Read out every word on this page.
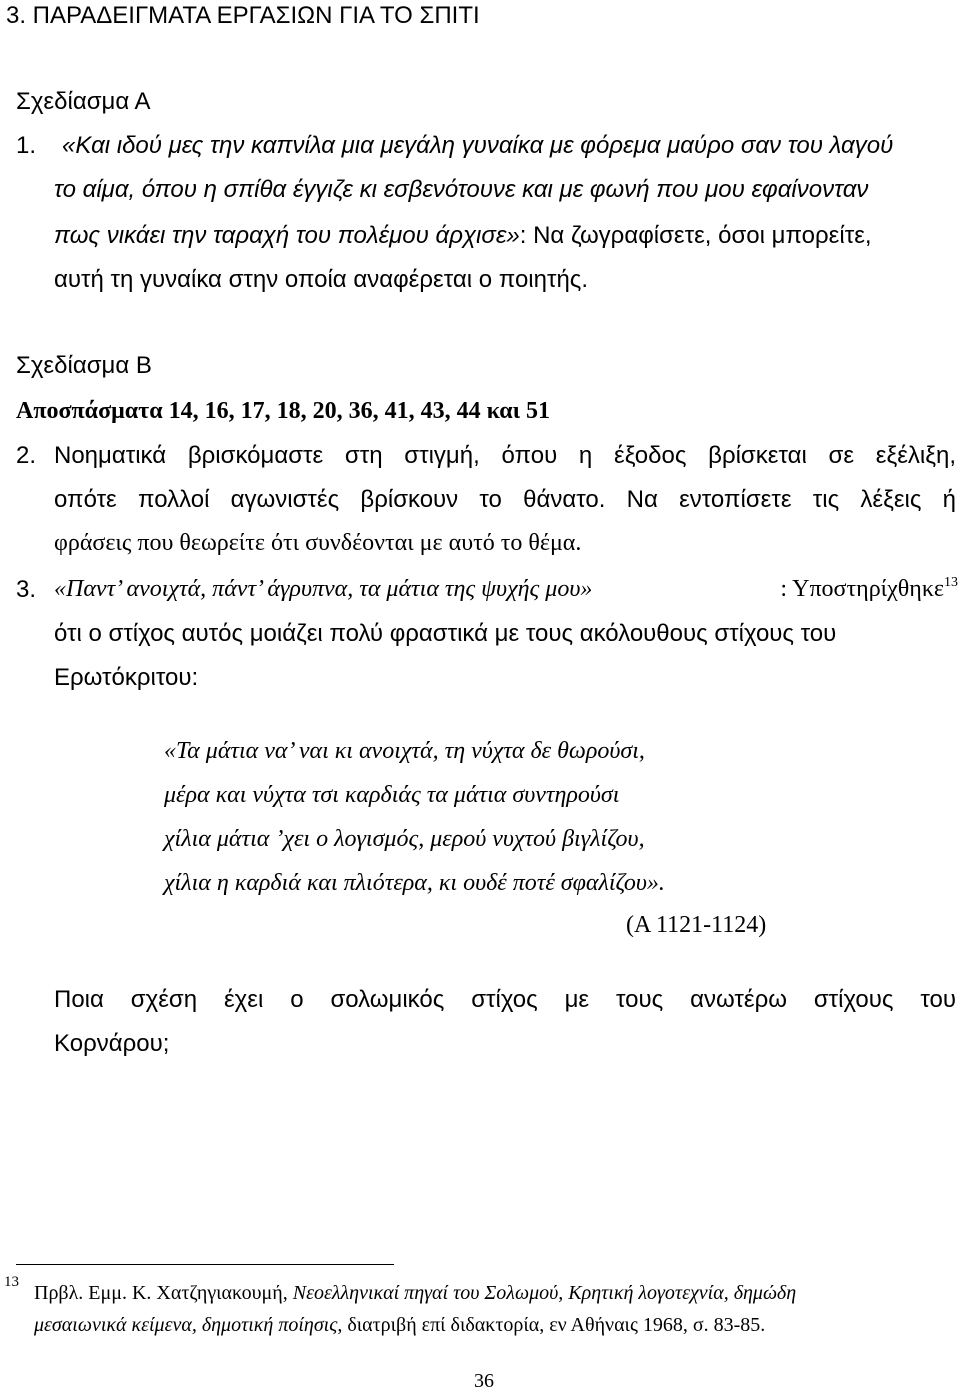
3. ΠΑΡΑΔΕΙΓΜΑΤΑ ΕΡΓΑΣΙΩΝ ΓΙΑ ΤΟ ΣΠΙΤΙ
Σχεδίασμα Α
1. «Και ιδού μες την καπνίλα μια μεγάλη γυναίκα με φόρεμα μαύρο σαν του λαγού
το αίμα, όπου η σπίθα έγγιζε κι εσβενότουνε και με φωνή που μου εφαίνονταν
πως νικάει την ταραχή του πολέμου άρχισε»: Να ζωγραφίσετε, όσοι μπορείτε,
αυτή τη γυναίκα στην οποία αναφέρεται ο ποιητής.
Σχεδίασμα Β
Αποσπάσματα 14, 16, 17, 18, 20, 36, 41, 43, 44 και 51
2. Νοηματικά βρισκόμαστε στη στιγμή, όπου η έξοδος βρίσκεται σε εξέλιξη,
οπότε πολλοί αγωνιστές βρίσκουν το θάνατο. Να εντοπίσετε τις λέξεις ή
φράσεις που θεωρείτε ότι συνδέονται με αυτό το θέμα.
3. «Παντ’ ανοιχτά, πάντ’ άγρυπνα, τα μάτια της ψυχής μου»	: Υποστηρίχθηκε$^{13}$
ότι ο στίχος αυτός μοιάζει πολύ φραστικά με τους ακόλουθους στίχους του
Ερωτόκριτου:
«Τα μάτια να’ ναι κι ανοιχτά, τη νύχτα δε θωρούσι,
μέρα και νύχτα τσι καρδιάς τα μάτια συντηρούσι
χίλια μάτια ’χει ο λογισμός, μερού νυχτού βιγλίζου,
χίλια η καρδιά και πλιότερα, κι ουδέ ποτέ σφαλίζου».
(Α 1121-1124)
Ποια σχέση έχει ο σολωμικός στίχος με τους ανωτέρω στίχους του
Κορνάρου;
13 Πρβλ. Εμμ. Κ. Χατζηγιακουμή, Νεοελληνικαί πηγαί του Σολωμού, Κρητική λογοτεχνία, δημώδη
μεσαιωνικά κείμενα, δημοτική ποίησις, διατριβή επί διδακτορία, εν Αθήναις 1968, σ. 83-85.
36
